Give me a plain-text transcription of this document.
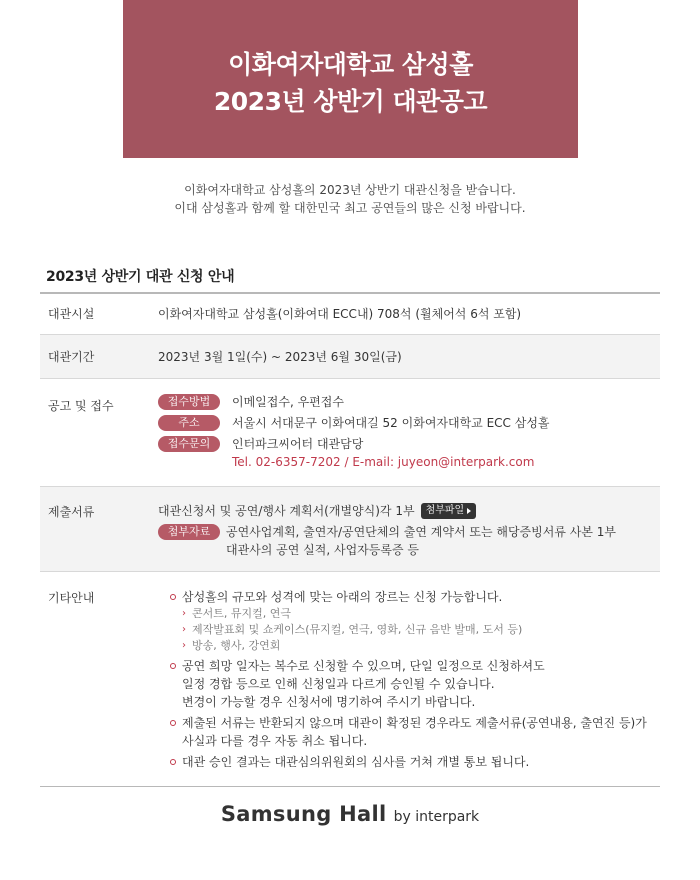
이화여자대학교 삼성홀
2023년 상반기 대관공고
이화여자대학교 삼성홀의 2023년 상반기 대관신청을 받습니다.
이대 삼성홀과 함께 할 대한민국 최고 공연들의 많은 신청 바랍니다.
2023년 상반기 대관 신청 안내
대관시설	이화여자대학교 삼성홀(이화여대 ECC내) 708석 (휠체어석 6석 포함)
대관기간	2023년 3월 1일(수) ~ 2023년 6월 30일(금)
공고 및 접수	접수방법	이메일접수, 우편접수
주소	서울시 서대문구 이화여대길 52 이화여자대학교 ECC 삼성홀
접수문의	인터파크씨어터 대관담당
Tel. 02-6357-7202 / E-mail: juyeon@interpark.com
제출서류	대관신청서 및 공연/행사 계획서(개별양식)각 1부 첨부파일
첨부자료	공연사업계획, 출연자/공연단체의 출연 계약서 또는 해당증빙서류 사본 1부
대관사의 공연 실적, 사업자등록증 등
기타안내	삼성홀의 규모와 성격에 맞는 아래의 장르는 신청 가능합니다.
› 콘서트, 뮤지컬, 연극
› 제작발표회 및 쇼케이스(뮤지컬, 연극, 영화, 신규 음반 발매, 도서 등)
› 방송, 행사, 강연회
공연 희망 일자는 복수로 신청할 수 있으며, 단일 일정으로 신청하셔도
일정 경합 등으로 인해 신청일과 다르게 승인될 수 있습니다.
변경이 가능할 경우 신청서에 명기하여 주시기 바랍니다.
제출된 서류는 반환되지 않으며 대관이 확정된 경우라도 제출서류(공연내용, 출연진 등)가
사실과 다를 경우 자동 취소 됩니다.
대관 승인 결과는 대관심의위원회의 심사를 거쳐 개별 통보 됩니다.
Samsung Hall by interpark
